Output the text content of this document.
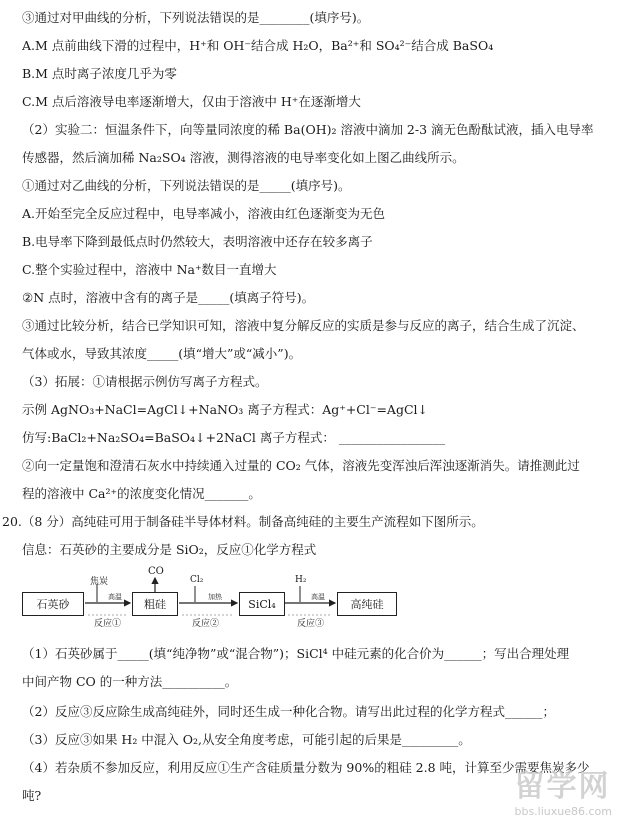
③通过对甲曲线的分析，下列说法错误的是________(填序号)。
A.M 点前曲线下滑的过程中，H⁺和 OH⁻结合成 H₂O，Ba²⁺和 SO₄²⁻结合成 BaSO₄
B.M 点时离子浓度几乎为零
C.M 点后溶液导电率逐渐增大，仅由于溶液中 H⁺在逐渐增大
（2）实验二：恒温条件下，向等量同浓度的稀 Ba(OH)₂ 溶液中滴加 2-3 滴无色酚酞试液，插入电导率
传感器，然后滴加稀 Na₂SO₄ 溶液，测得溶液的电导率变化如上图乙曲线所示。
①通过对乙曲线的分析，下列说法错误的是_____(填序号)。
A.开始至完全反应过程中，电导率减小，溶液由红色逐渐变为无色
B.电导率下降到最低点时仍然较大，表明溶液中还存在较多离子
C.整个实验过程中，溶液中 Na⁺数目一直增大
②N 点时，溶液中含有的离子是_____(填离子符号)。
③通过比较分析，结合已学知识可知，溶液中复分解反应的实质是参与反应的离子，结合生成了沉淀、
气体或水，导致其浓度_____(填“增大”或“减小”)。
（3）拓展：①请根据示例仿写离子方程式。
示例 AgNO₃+NaCl=AgCl↓+NaNO₃ 离子方程式：Ag⁺+Cl⁻=AgCl↓
仿写:BaCl₂+Na₂SO₄=BaSO₄↓+2NaCl 离子方程式： _________________
②向一定量饱和澄清石灰水中持续通入过量的 CO₂ 气体，溶液先变浑浊后浑浊逐渐消失。请推测此过
程的溶液中 Ca²⁺的浓度变化情况_______。
20.（8 分）高纯硅可用于制备硅半导体材料。制备高纯硅的主要生产流程如下图所示。
信息：石英砂的主要成分是 SiO₂，反应①化学方程式
石英砂	粗硅	SiCl₄	高纯硅
焦炭
高温
反应①
CO
Cl₂
加热
反应②
H₂
高温
反应③
（1）石英砂属于_____(填“纯净物”或“混合物”)；SiCl⁴ 中硅元素的化合价为______；写出合理处理
中间产物 CO 的一种方法__________。
（2）反应③反应除生成高纯硅外，同时还生成一种化合物。请写出此过程的化学方程式______；
（3）反应③如果 H₂ 中混入 O₂,从安全角度考虑，可能引起的后果是_________。
（4）若杂质不参加反应，利用反应①生产含硅质量分数为 90%的粗硅 2.8 吨，计算至少需要焦炭多少
吨?	留学网
bbs.liuxue86.com
